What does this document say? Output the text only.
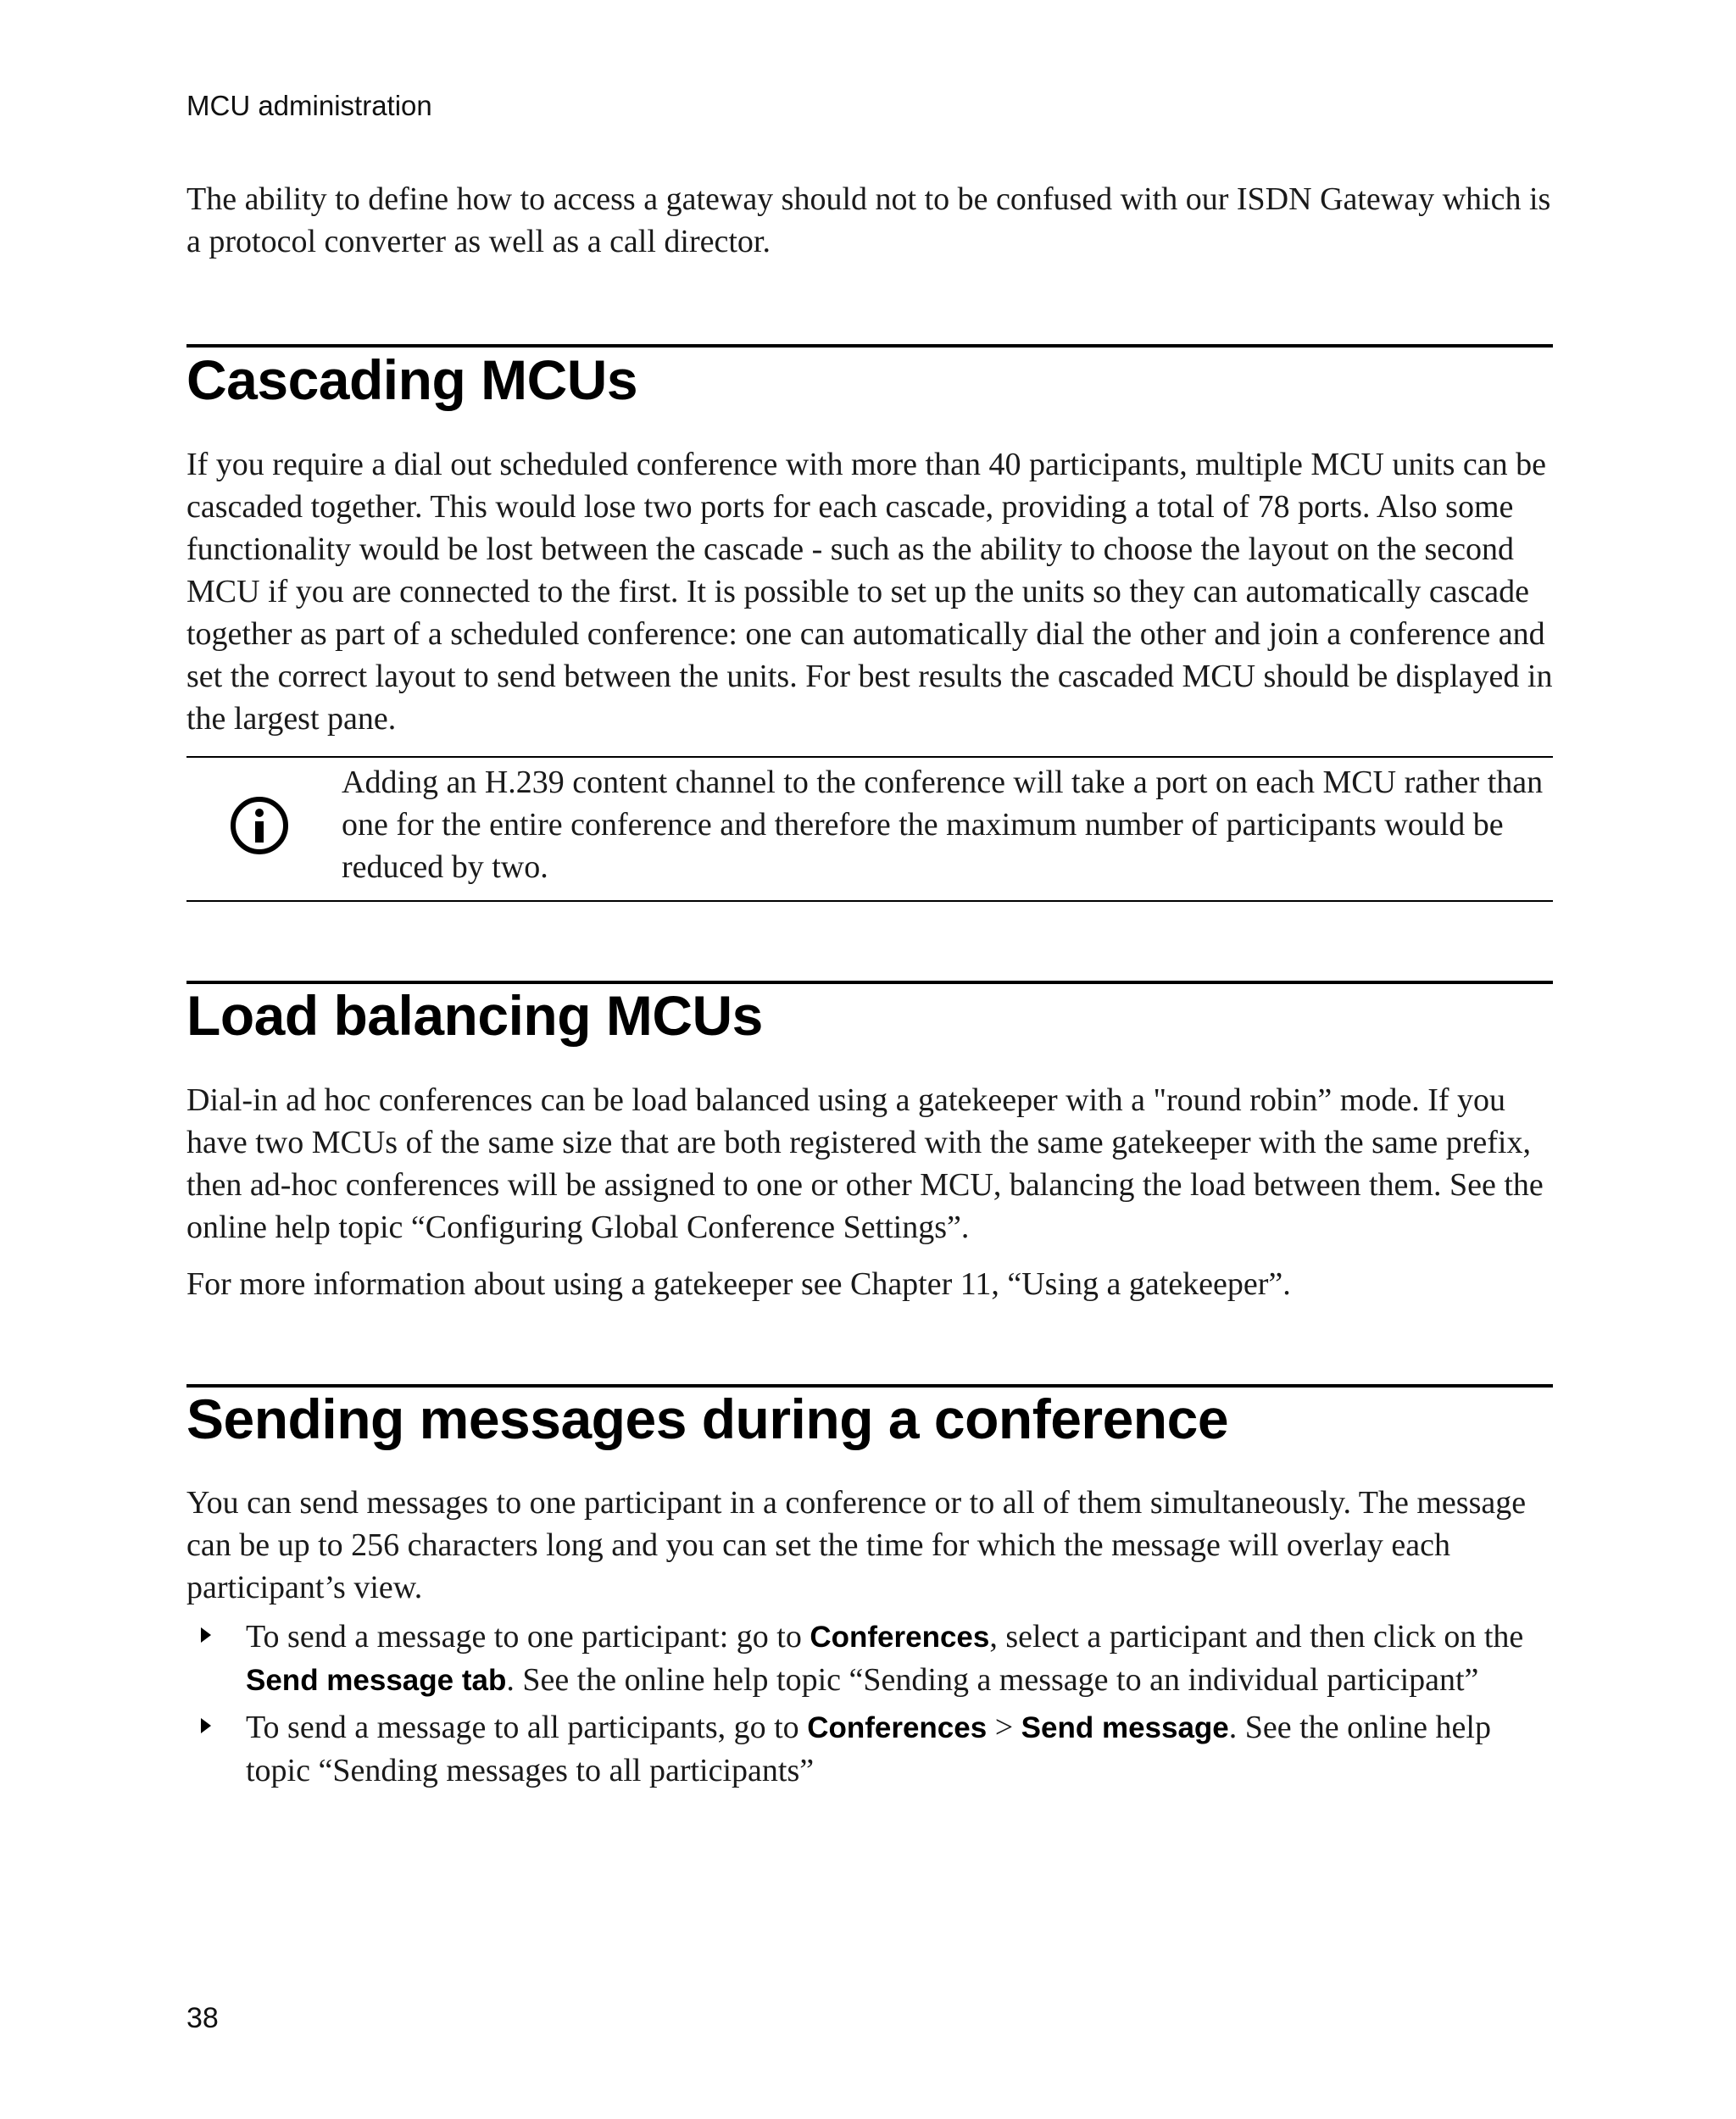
MCU administration

The ability to define how to access a gateway should not to be confused with our ISDN Gateway which is a protocol converter as well as a call director.

Cascading MCUs

If you require a dial out scheduled conference with more than 40 participants, multiple MCU units can be cascaded together. This would lose two ports for each cascade, providing a total of 78 ports. Also some functionality would be lost between the cascade - such as the ability to choose the layout on the second MCU if you are connected to the first. It is possible to set up the units so they can automatically cascade together as part of a scheduled conference: one can automatically dial the other and join a conference and set the correct layout to send between the units. For best results the cascaded MCU should be displayed in the largest pane.

Adding an H.239 content channel to the conference will take a port on each MCU rather than one for the entire conference and therefore the maximum number of participants would be reduced by two.

Load balancing MCUs

Dial-in ad hoc conferences can be load balanced using a gatekeeper with a "round robin” mode. If you have two MCUs of the same size that are both registered with the same gatekeeper with the same prefix, then ad-hoc conferences will be assigned to one or other MCU, balancing the load between them. See the online help topic “Configuring Global Conference Settings”.

For more information about using a gatekeeper see Chapter 11, “Using a gatekeeper”.

Sending messages during a conference

You can send messages to one participant in a conference or to all of them simultaneously. The message can be up to 256 characters long and you can set the time for which the message will overlay each participant’s view.

To send a message to one participant: go to Conferences, select a participant and then click on the Send message tab. See the online help topic “Sending a message to an individual participant”
To send a message to all participants, go to Conferences > Send message. See the online help topic “Sending messages to all participants”
38
